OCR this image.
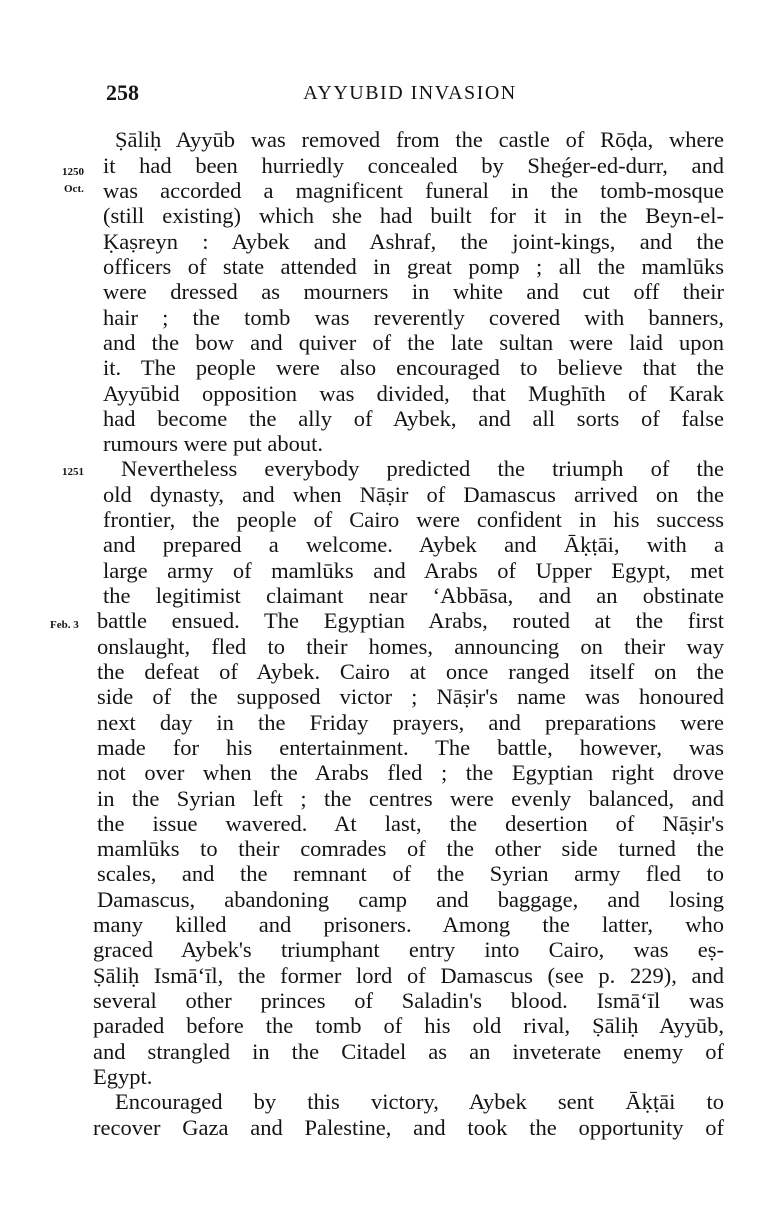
258	AYYUBID INVASION
1250
Oct.
1251
Feb. 3
Ṣāliḥ Ayyūb was removed from the castle of Rōḍa, where
it had been hurriedly concealed by Sheǵer-ed-durr, and
was accorded a magnificent funeral in the tomb-mosque
(still existing) which she had built for it in the Beyn-el-
Ḳaṣreyn : Aybek and Ashraf, the joint-kings, and the
officers of state attended in great pomp ; all the mamlūks
were dressed as mourners in white and cut off their
hair ; the tomb was reverently covered with banners,
and the bow and quiver of the late sultan were laid upon
it. The people were also encouraged to believe that the
Ayyūbid opposition was divided, that Mughīth of Karak
had become the ally of Aybek, and all sorts of false
rumours were put about.
Nevertheless everybody predicted the triumph of the
old dynasty, and when Nāṣir of Damascus arrived on the
frontier, the people of Cairo were confident in his success
and prepared a welcome. Aybek and Āḳṭāi, with a
large army of mamlūks and Arabs of Upper Egypt, met
the legitimist claimant near ‘Abbāsa, and an obstinate
battle ensued. The Egyptian Arabs, routed at the first
onslaught, fled to their homes, announcing on their way
the defeat of Aybek. Cairo at once ranged itself on the
side of the supposed victor ; Nāṣir's name was honoured
next day in the Friday prayers, and preparations were
made for his entertainment. The battle, however, was
not over when the Arabs fled ; the Egyptian right drove
in the Syrian left ; the centres were evenly balanced, and
the issue wavered. At last, the desertion of Nāṣir's
mamlūks to their comrades of the other side turned the
scales, and the remnant of the Syrian army fled to
Damascus, abandoning camp and baggage, and losing
many killed and prisoners. Among the latter, who
graced Aybek's triumphant entry into Cairo, was eṣ-
Ṣāliḥ Ismā‘īl, the former lord of Damascus (see p. 229), and
several other princes of Saladin's blood. Ismā‘īl was
paraded before the tomb of his old rival, Ṣāliḥ Ayyūb,
and strangled in the Citadel as an inveterate enemy of
Egypt.
Encouraged by this victory, Aybek sent Āḳṭāi to
recover Gaza and Palestine, and took the opportunity of
